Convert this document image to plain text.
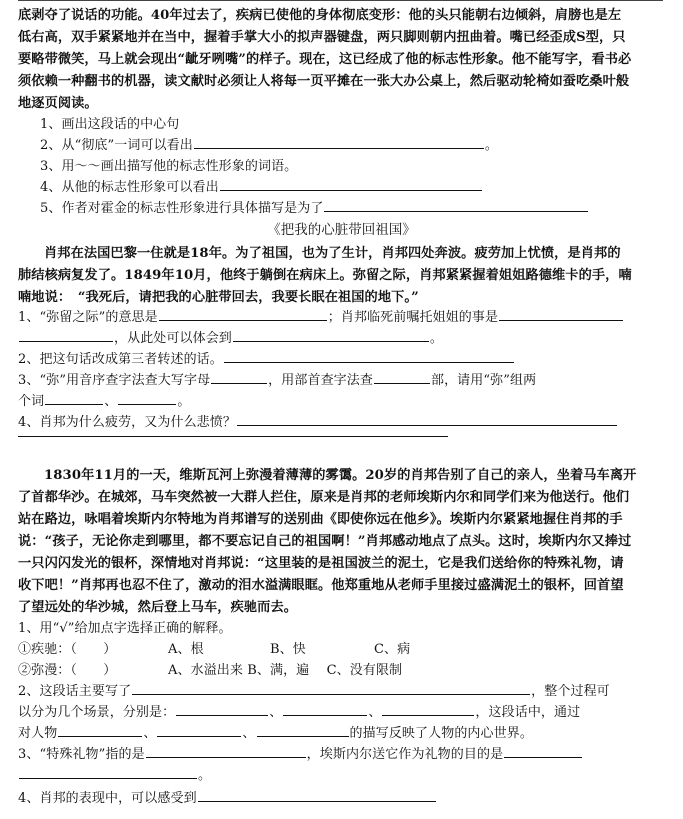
底剥夺了说话的功能。40年过去了，疾病已使他的身体彻底变形：他的头只能朝右边倾斜，肩膀也是左
低右高，双手紧紧地并在当中，握着手掌大小的拟声器键盘，两只脚则朝内扭曲着。嘴已经歪成S型，只
要略带微笑，马上就会现出“龇牙咧嘴”的样子。现在，这已经成了他的标志性形象。他不能写字，看书必
须依赖一种翻书的机器，读文献时必须让人将每一页平摊在一张大办公桌上，然后驱动轮椅如蚕吃桑叶般
地逐页阅读。
1、画出这段话的中心句
2、从“彻底”一词可以看出	。
3、用～～画出描写他的标志性形象的词语。
4、从他的标志性形象可以看出
5、作者对霍金的标志性形象进行具体描写是为了
《把我的心脏带回祖国》
肖邦在法国巴黎一住就是18年。为了祖国，也为了生计，肖邦四处奔波。疲劳加上忧愤，是肖邦的
肺结核病复发了。1849年10月，他终于躺倒在病床上。弥留之际，肖邦紧紧握着姐姐路德维卡的手，喃
喃地说：　“我死后，请把我的心脏带回去，我要长眠在祖国的地下。”
1、“弥留之际”的意思是	；肖邦临死前嘱托姐姐的事是
，从此处可以体会到	。
2、把这句话改成第三者转述的话。
3、“弥”用音序查字法查大写字母	，用部首查字法查	部，请用“弥”组两
个词	、	。
4、肖邦为什么疲劳，又为什么悲愤？
1830年11月的一天，维斯瓦河上弥漫着薄薄的雾霭。20岁的肖邦告别了自己的亲人，坐着马车离开
了首都华沙。在城郊，马车突然被一大群人拦住，原来是肖邦的老师埃斯内尔和同学们来为他送行。他们
站在路边，咏唱着埃斯内尔特地为肖邦谱写的送别曲《即使你远在他乡》。埃斯内尔紧紧地握住肖邦的手
说：“孩子，无论你走到哪里，都不要忘记自己的祖国啊！”肖邦感动地点了点头。这时，埃斯内尔又捧过
一只闪闪发光的银杯，深情地对肖邦说：“这里装的是祖国波兰的泥土，它是我们送给你的特殊礼物，请
收下吧！”肖邦再也忍不住了，激动的泪水溢满眼眶。他郑重地从老师手里接过盛满泥土的银杯，回首望
了望远处的华沙城，然后登上马车，疾驰而去。
1、用“√”给加点字选择正确的解释。
①疾驰：（　　）	A、根	B、快	C、病
②弥漫：（　　）	A、水溢出来 B、满，遍　 C、没有限制
2、这段话主要写了	，整个过程可
以分为几个场景，分别是：	、	、	，这段话中，通过
对人物	、	、	的描写反映了人物的内心世界。
3、“特殊礼物”指的是	，埃斯内尔送它作为礼物的目的是
。
4、肖邦的表现中，可以感受到
